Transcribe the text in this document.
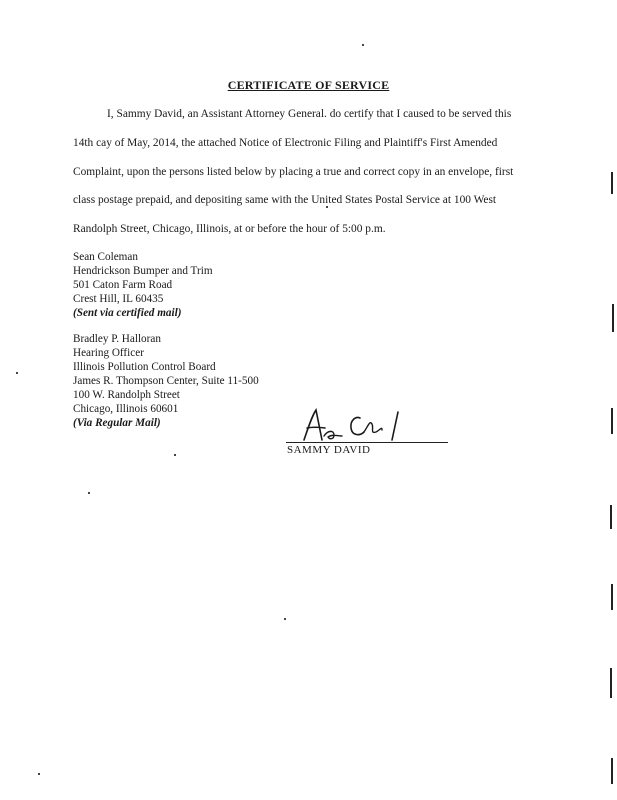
CERTIFICATE OF SERVICE
I, Sammy David, an Assistant Attorney General. do certify that I caused to be served this
14th cay of May, 2014, the attached Notice of Electronic Filing and Plaintiff's First Amended
Complaint, upon the persons listed below by placing a true and correct copy in an envelope, first
class postage prepaid, and depositing same with the United States Postal Service at 100 West
Randolph Street, Chicago, Illinois, at or before the hour of 5:00 p.m.
Sean Coleman
Hendrickson Bumper and Trim
501 Caton Farm Road
Crest Hill, IL 60435
(Sent via certified mail)
Bradley P. Halloran
Hearing Officer
Illinois Pollution Control Board
James R. Thompson Center, Suite 11-500
100 W. Randolph Street
Chicago, Illinois 60601
(Via Regular Mail)
SAMMY DAVID
